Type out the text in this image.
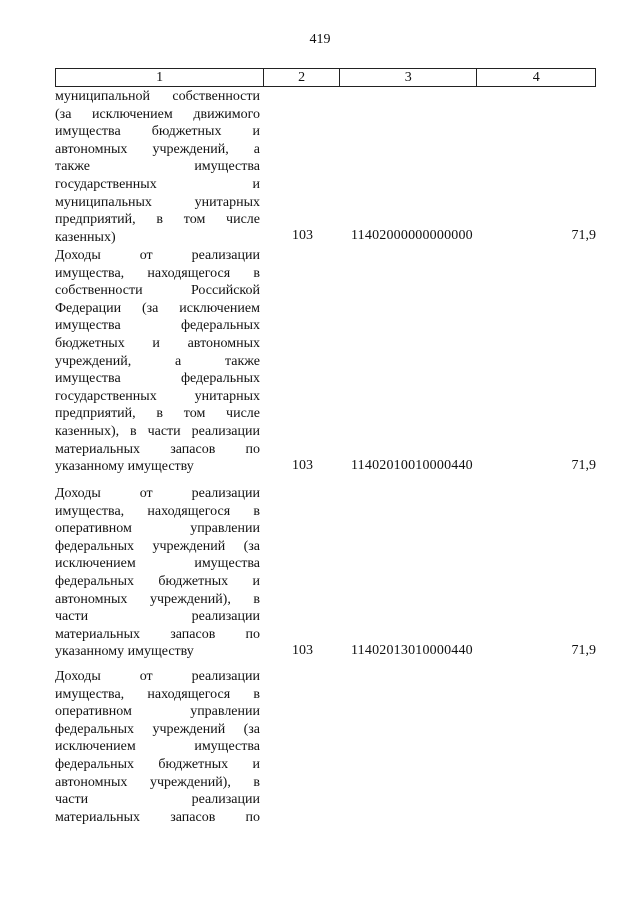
419
1	2	3	4
муниципальной собственности
(за исключением движимого
имущества бюджетных и
автономных учреждений, а
также имущества
государственных и
муниципальных унитарных
предприятий, в том числе
казенных)	103	11402000000000000	71,9
Доходы от реализации
имущества, находящегося в
собственности Российской
Федерации (за исключением
имущества федеральных
бюджетных и автономных
учреждений, а также
имущества федеральных
государственных унитарных
предприятий, в том числе
казенных), в части реализации
материальных запасов по
указанному имуществу	103	11402010010000440	71,9
Доходы от реализации
имущества, находящегося в
оперативном управлении
федеральных учреждений (за
исключением имущества
федеральных бюджетных и
автономных учреждений), в
части реализации
материальных запасов по
указанному имуществу	103	11402013010000440	71,9
Доходы от реализации
имущества, находящегося в
оперативном управлении
федеральных учреждений (за
исключением имущества
федеральных бюджетных и
автономных учреждений), в
части реализации
материальных запасов по
